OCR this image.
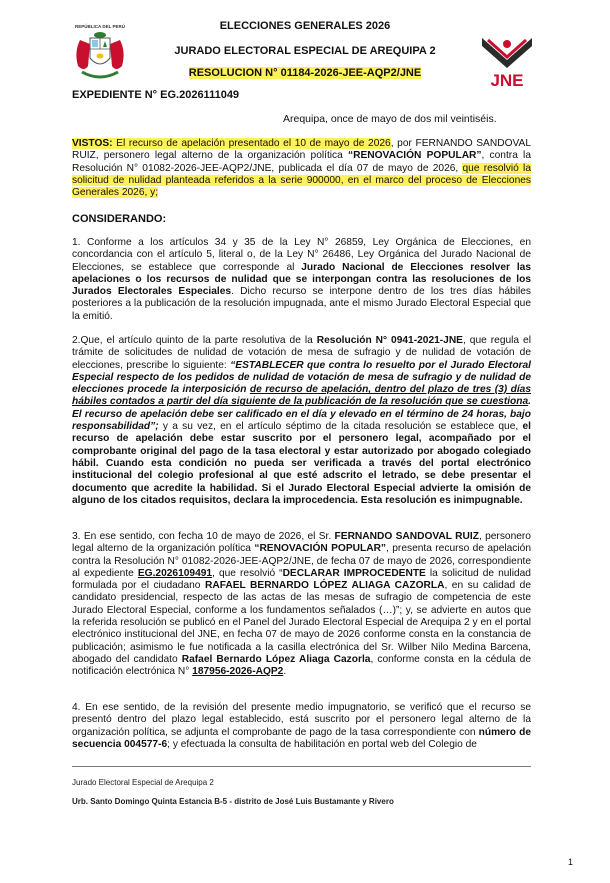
REPÚBLICA DEL PERÚ	ELECCIONES GENERALES 2026
JURADO ELECTORAL ESPECIAL DE AREQUIPA 2
RESOLUCION N° 01184-2026-JEE-AQP2/JNE	JNE
EXPEDIENTE N° EG.2026111049
Arequipa, once de mayo de dos mil veintiséis.
VISTOS: El recurso de apelación presentado el 10 de mayo de 2026, por FERNANDO SANDOVAL RUIZ, personero legal alterno de la organización política “RENOVACIÓN POPULAR”, contra la Resolución N° 01082-2026-JEE-AQP2/JNE, publicada el día 07 de mayo de 2026, que resolvió la solicitud de nulidad planteada referidos a la serie 900000, en el marco del proceso de Elecciones Generales 2026, y;
CONSIDERANDO:
1. Conforme a los artículos 34 y 35 de la Ley N° 26859, Ley Orgánica de Elecciones, en concordancia con el artículo 5, literal o, de la Ley N° 26486, Ley Orgánica del Jurado Nacional de Elecciones, se establece que corresponde al Jurado Nacional de Elecciones resolver las apelaciones o los recursos de nulidad que se interpongan contra las resoluciones de los Jurados Electorales Especiales. Dicho recurso se interpone dentro de los tres días hábiles posteriores a la publicación de la resolución impugnada, ante el mismo Jurado Electoral Especial que la emitió.
2.Que, el artículo quinto de la parte resolutiva de la Resolución N° 0941-2021-JNE, que regula el trámite de solicitudes de nulidad de votación de mesa de sufragio y de nulidad de votación de elecciones, prescribe lo siguiente: “ESTABLECER que contra lo resuelto por el Jurado Electoral Especial respecto de los pedidos de nulidad de votación de mesa de sufragio y de nulidad de elecciones procede la interposición de recurso de apelación, dentro del plazo de tres (3) días hábiles contados a partir del día siguiente de la publicación de la resolución que se cuestiona. El recurso de apelación debe ser calificado en el día y elevado en el término de 24 horas, bajo responsabilidad”; y a su vez, en el artículo séptimo de la citada resolución se establece que, el recurso de apelación debe estar suscrito por el personero legal, acompañado por el comprobante original del pago de la tasa electoral y estar autorizado por abogado colegiado hábil. Cuando esta condición no pueda ser verificada a través del portal electrónico institucional del colegio profesional al que esté adscrito el letrado, se debe presentar el documento que acredite la habilidad. Si el Jurado Electoral Especial advierte la omisión de alguno de los citados requisitos, declara la improcedencia. Esta resolución es inimpugnable.
3. En ese sentido, con fecha 10 de mayo de 2026, el Sr. FERNANDO SANDOVAL RUIZ, personero legal alterno de la organización política “RENOVACIÓN POPULAR”, presenta recurso de apelación contra la Resolución N° 01082-2026-JEE-AQP2/JNE, de fecha 07 de mayo de 2026, correspondiente al expediente EG.2026109491, que resolvió “DECLARAR IMPROCEDENTE la solicitud de nulidad formulada por el ciudadano RAFAEL BERNARDO LÓPEZ ALIAGA CAZORLA, en su calidad de candidato presidencial, respecto de las actas de las mesas de sufragio de competencia de este Jurado Electoral Especial, conforme a los fundamentos señalados (…)”; y, se advierte en autos que la referida resolución se publicó en el Panel del Jurado Electoral Especial de Arequipa 2 y en el portal electrónico institucional del JNE, en fecha 07 de mayo de 2026 conforme consta en la constancia de publicación; asimismo le fue notificada a la casilla electrónica del Sr. Wilber Nilo Medina Barcena, abogado del candidato Rafael Bernardo López Aliaga Cazorla, conforme consta en la cédula de notificación electrónica N° 187956-2026-AQP2.
4. En ese sentido, de la revisión del presente medio impugnatorio, se verificó que el recurso se presentó dentro del plazo legal establecido, está suscrito por el personero legal alterno de la organización política, se adjunta el comprobante de pago de la tasa correspondiente con número de secuencia 004577-6; y efectuada la consulta de habilitación en portal web del Colegio de
Jurado Electoral Especial de Arequipa 2
Urb. Santo Domingo Quinta Estancia B-5 - distrito de José Luis Bustamante y Rivero
1
